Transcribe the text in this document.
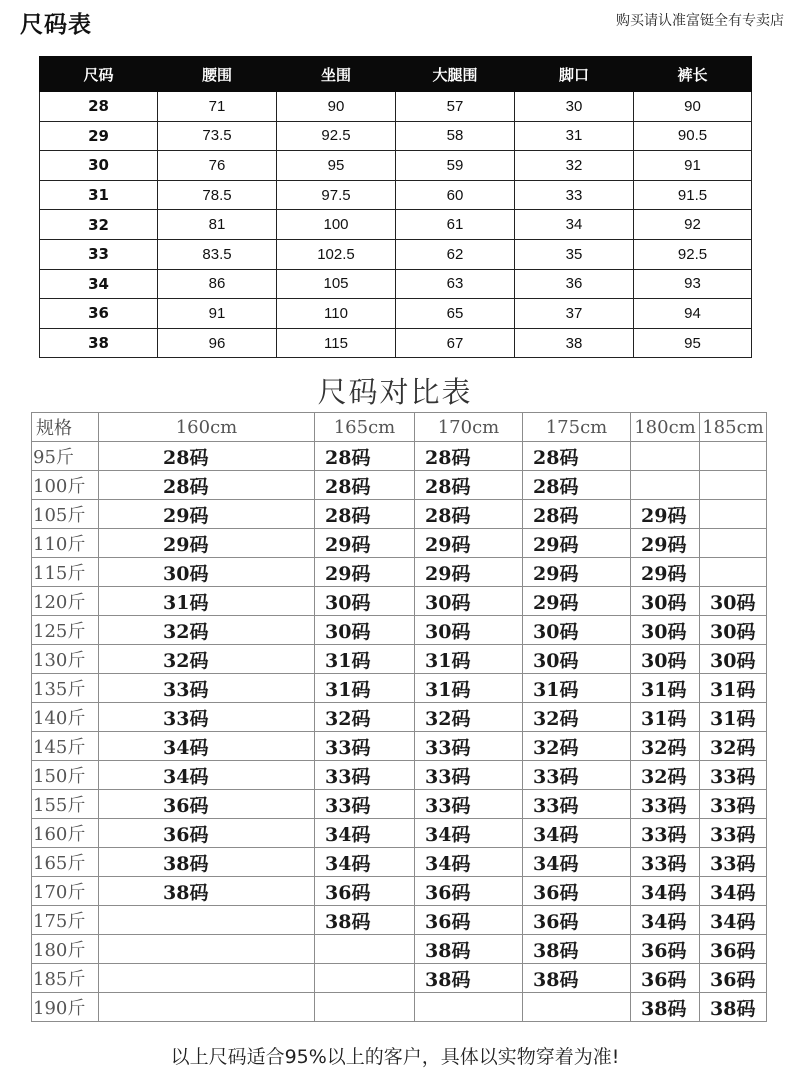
尺码表	购买请认准富铤全有专卖店
尺码	腰围	坐围	大腿围	脚口	裤长
28	71	90	57	30	90
29	73.5	92.5	58	31	90.5
30	76	95	59	32	91
31	78.5	97.5	60	33	91.5
32	81	100	61	34	92
33	83.5	102.5	62	35	92.5
34	86	105	63	36	93
36	91	110	65	37	94
38	96	115	67	38	95
尺码对比表
规格	160cm	165cm	170cm	175cm	180cm	185cm
95斤	28码	28码	28码	28码		
100斤	28码	28码	28码	28码		
105斤	29码	28码	28码	28码	29码	
110斤	29码	29码	29码	29码	29码	
115斤	30码	29码	29码	29码	29码	
120斤	31码	30码	30码	29码	30码	30码
125斤	32码	30码	30码	30码	30码	30码
130斤	32码	31码	31码	30码	30码	30码
135斤	33码	31码	31码	31码	31码	31码
140斤	33码	32码	32码	32码	31码	31码
145斤	34码	33码	33码	32码	32码	32码
150斤	34码	33码	33码	33码	32码	33码
155斤	36码	33码	33码	33码	33码	33码
160斤	36码	34码	34码	34码	33码	33码
165斤	38码	34码	34码	34码	33码	33码
170斤	38码	36码	36码	36码	34码	34码
175斤		38码	36码	36码	34码	34码
180斤			38码	38码	36码	36码
185斤			38码	38码	36码	36码
190斤					38码	38码
以上尺码适合95%以上的客户，具体以实物穿着为准!
